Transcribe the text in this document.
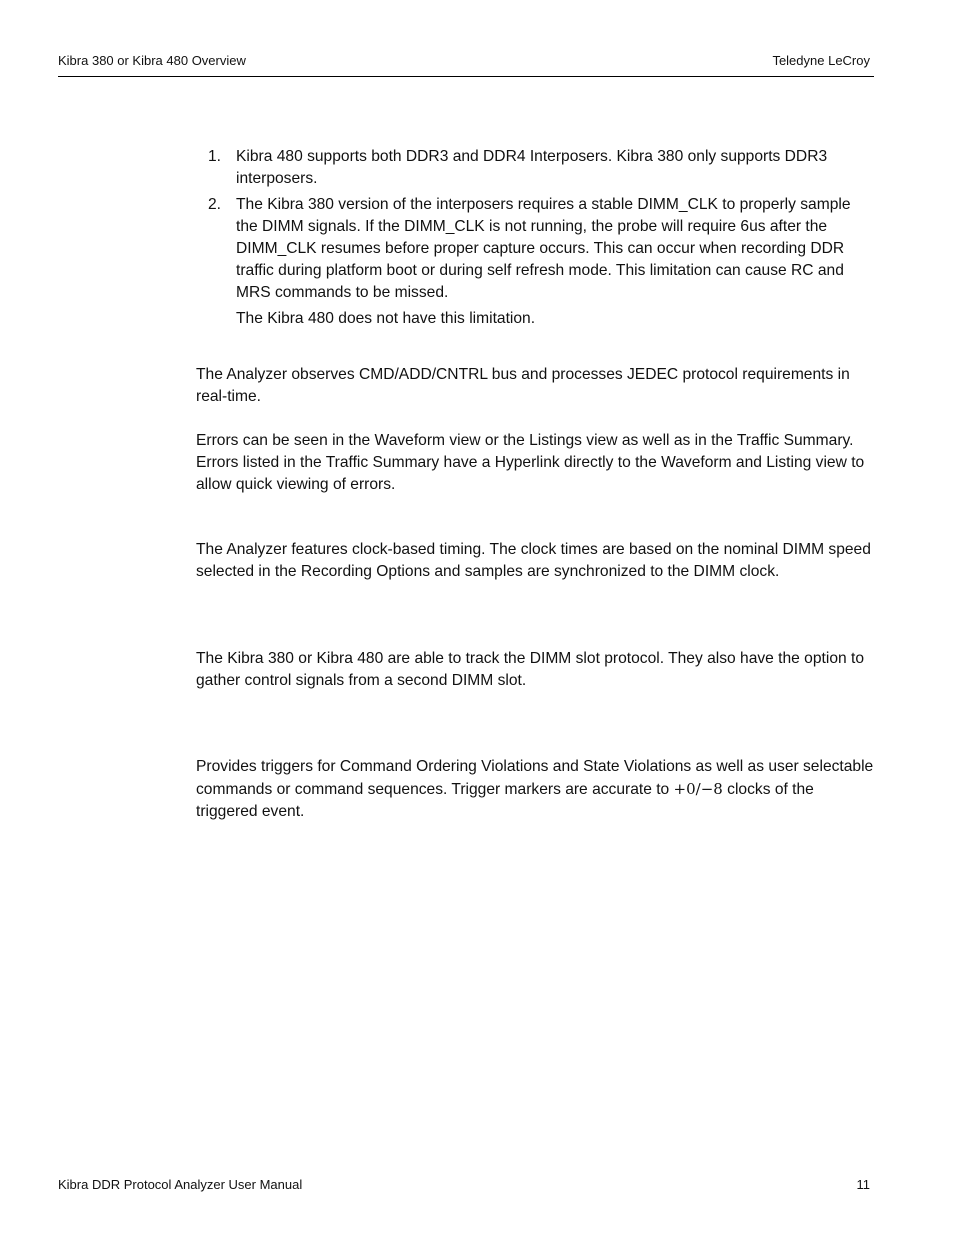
Kibra 380 or Kibra 480 Overview	Teledyne LeCroy
1. Kibra 480 supports both DDR3 and DDR4 Interposers. Kibra 380 only supports DDR3 interposers.
2. The Kibra 380 version of the interposers requires a stable DIMM_CLK to properly sample the DIMM signals. If the DIMM_CLK is not running, the probe will require 6us after the DIMM_CLK resumes before proper capture occurs. This can occur when recording DDR traffic during platform boot or during self refresh mode. This limitation can cause RC and MRS commands to be missed.
The Kibra 480 does not have this limitation.
The Analyzer observes CMD/ADD/CNTRL bus and processes JEDEC protocol requirements in real-time.
Errors can be seen in the Waveform view or the Listings view as well as in the Traffic Summary. Errors listed in the Traffic Summary have a Hyperlink directly to the Waveform and Listing view to allow quick viewing of errors.
The Analyzer features clock-based timing. The clock times are based on the nominal DIMM speed selected in the Recording Options and samples are synchronized to the DIMM clock.
The Kibra 380 or Kibra 480 are able to track the DIMM slot protocol. They also have the option to gather control signals from a second DIMM slot.
Provides triggers for Command Ordering Violations and State Violations as well as user selectable commands or command sequences. Trigger markers are accurate to +0/−8 clocks of the triggered event.
Kibra DDR Protocol Analyzer User Manual	11
